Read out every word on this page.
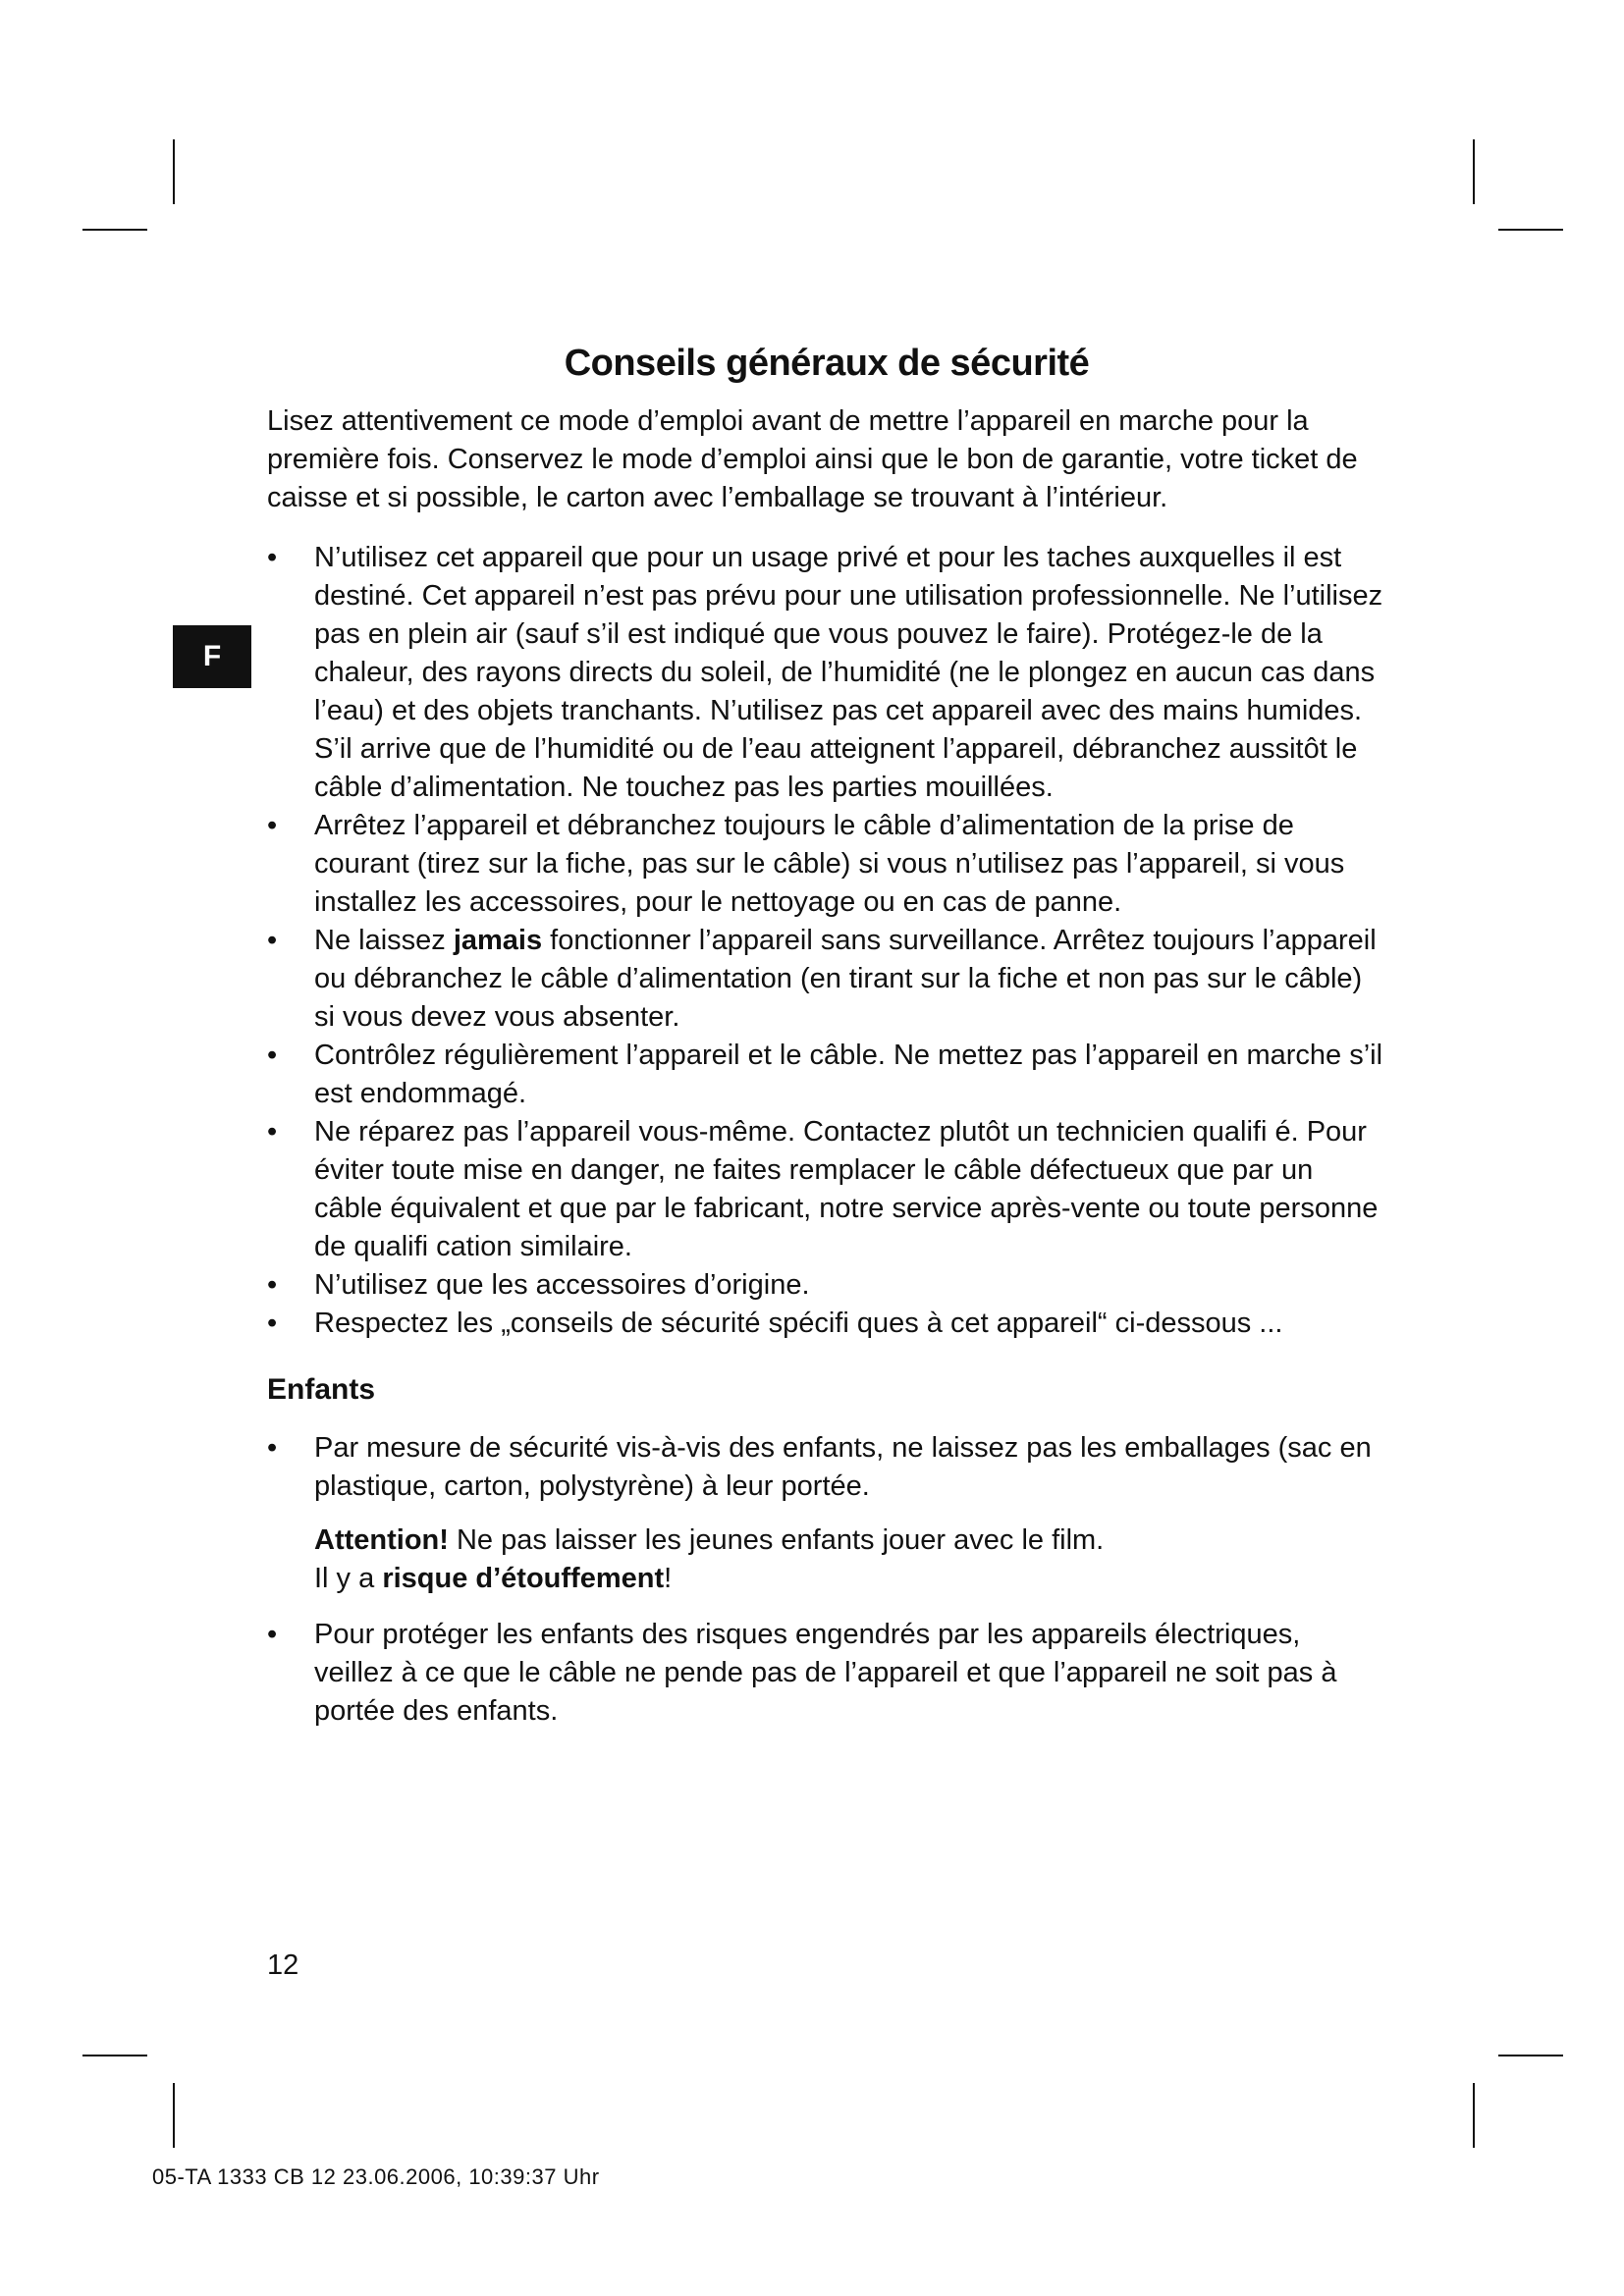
F
Conseils généraux de sécurité

Lisez attentivement ce mode d’emploi avant de mettre l’appareil en marche pour la première fois. Conservez le mode d’emploi ainsi que le bon de garantie, votre ticket de caisse et si possible, le carton avec l’emballage se trouvant à l’intérieur.

• N’utilisez cet appareil que pour un usage privé et pour les taches auxquelles il est destiné. Cet appareil n’est pas prévu pour une utilisation professionnelle. Ne l’utilisez pas en plein air (sauf s’il est indiqué que vous pouvez le faire). Protégez-le de la chaleur, des rayons directs du soleil, de l’humidité (ne le plongez en aucun cas dans l’eau) et des objets tranchants. N’utilisez pas cet appareil avec des mains humides. S’il arrive que de l’humidité ou de l’eau atteignent l’appareil, débranchez aussitôt le câble d’alimentation. Ne touchez pas les parties mouillées.
• Arrêtez l’appareil et débranchez toujours le câble d’alimentation de la prise de courant (tirez sur la fiche, pas sur le câble) si vous n’utilisez pas l’appareil, si vous installez les accessoires, pour le nettoyage ou en cas de panne.
• Ne laissez jamais fonctionner l’appareil sans surveillance. Arrêtez toujours l’appareil ou débranchez le câble d’alimentation (en tirant sur la fiche et non pas sur le câble) si vous devez vous absenter.
• Contrôlez régulièrement l’appareil et le câble. Ne mettez pas l’appareil en marche s’il est endommagé.
• Ne réparez pas l’appareil vous-même. Contactez plutôt un technicien qualifi é. Pour éviter toute mise en danger, ne faites remplacer le câble défectueux que par un câble équivalent et que par le fabricant, notre service après-vente ou toute personne de qualifi cation similaire.
• N’utilisez que les accessoires d’origine.
• Respectez les „conseils de sécurité spécifi ques à cet appareil“ ci-dessous ...
Enfants
• Par mesure de sécurité vis-à-vis des enfants, ne laissez pas les emballages (sac en plastique, carton, polystyrène) à leur portée.
Attention! Ne pas laisser les jeunes enfants jouer avec le film.
Il y a risque d’étouffement!
• Pour protéger les enfants des risques engendrés par les appareils électriques, veillez à ce que le câble ne pende pas de l’appareil et que l’appareil ne soit pas à portée des enfants.
12
05-TA 1333 CB 12 23.06.2006, 10:39:37 Uhr
